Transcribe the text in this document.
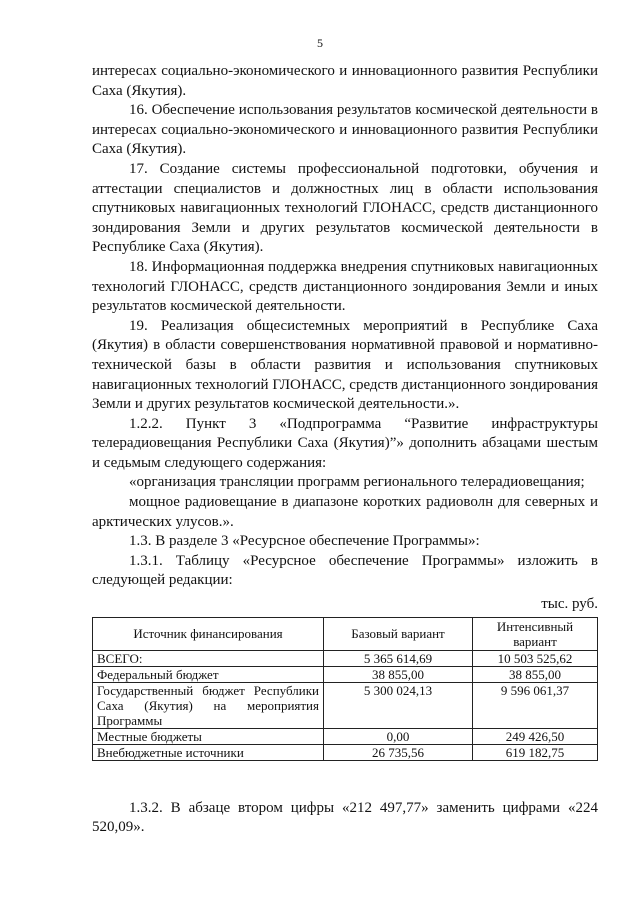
5

интересах социально-экономического и инновационного развития Республики Саха (Якутия).

16. Обеспечение использования результатов космической деятельности в интересах социально-экономического и инновационного развития Республики Саха (Якутия).

17. Создание системы профессиональной подготовки, обучения и аттестации специалистов и должностных лиц в области использования спутниковых навигационных технологий ГЛОНАСС, средств дистанционного зондирования Земли и других результатов космической деятельности в Республике Саха (Якутия).

18. Информационная поддержка внедрения спутниковых навигационных технологий ГЛОНАСС, средств дистанционного зондирования Земли и иных результатов космической деятельности.

19. Реализация общесистемных мероприятий в Республике Саха (Якутия) в области совершенствования нормативной правовой и нормативно-технической базы в области развития и использования спутниковых навигационных технологий ГЛОНАСС, средств дистанционного зондирования Земли и других результатов космической деятельности.».

1.2.2. Пункт 3 «Подпрограмма “Развитие инфраструктуры телерадиовещания Республики Саха (Якутия)”» дополнить абзацами шестым и седьмым следующего содержания:

«организация трансляции программ регионального телерадиовещания;

мощное радиовещание в диапазоне коротких радиоволн для северных и арктических улусов.».

1.3. В разделе 3 «Ресурсное обеспечение Программы»:

1.3.1. Таблицу «Ресурсное обеспечение Программы» изложить в следующей редакции:

тыс. руб.

Источник финансирования	Базовый вариант	Интенсивный вариант
ВСЕГО:	5 365 614,69	10 503 525,62
Федеральный бюджет	38 855,00	38 855,00
Государственный бюджет Республики Саха (Якутия) на мероприятия Программы	5 300 024,13	9 596 061,37
Местные бюджеты	0,00	249 426,50
Внебюджетные источники	26 735,56	619 182,75

1.3.2. В абзаце втором цифры «212 497,77» заменить цифрами «224 520,09».
